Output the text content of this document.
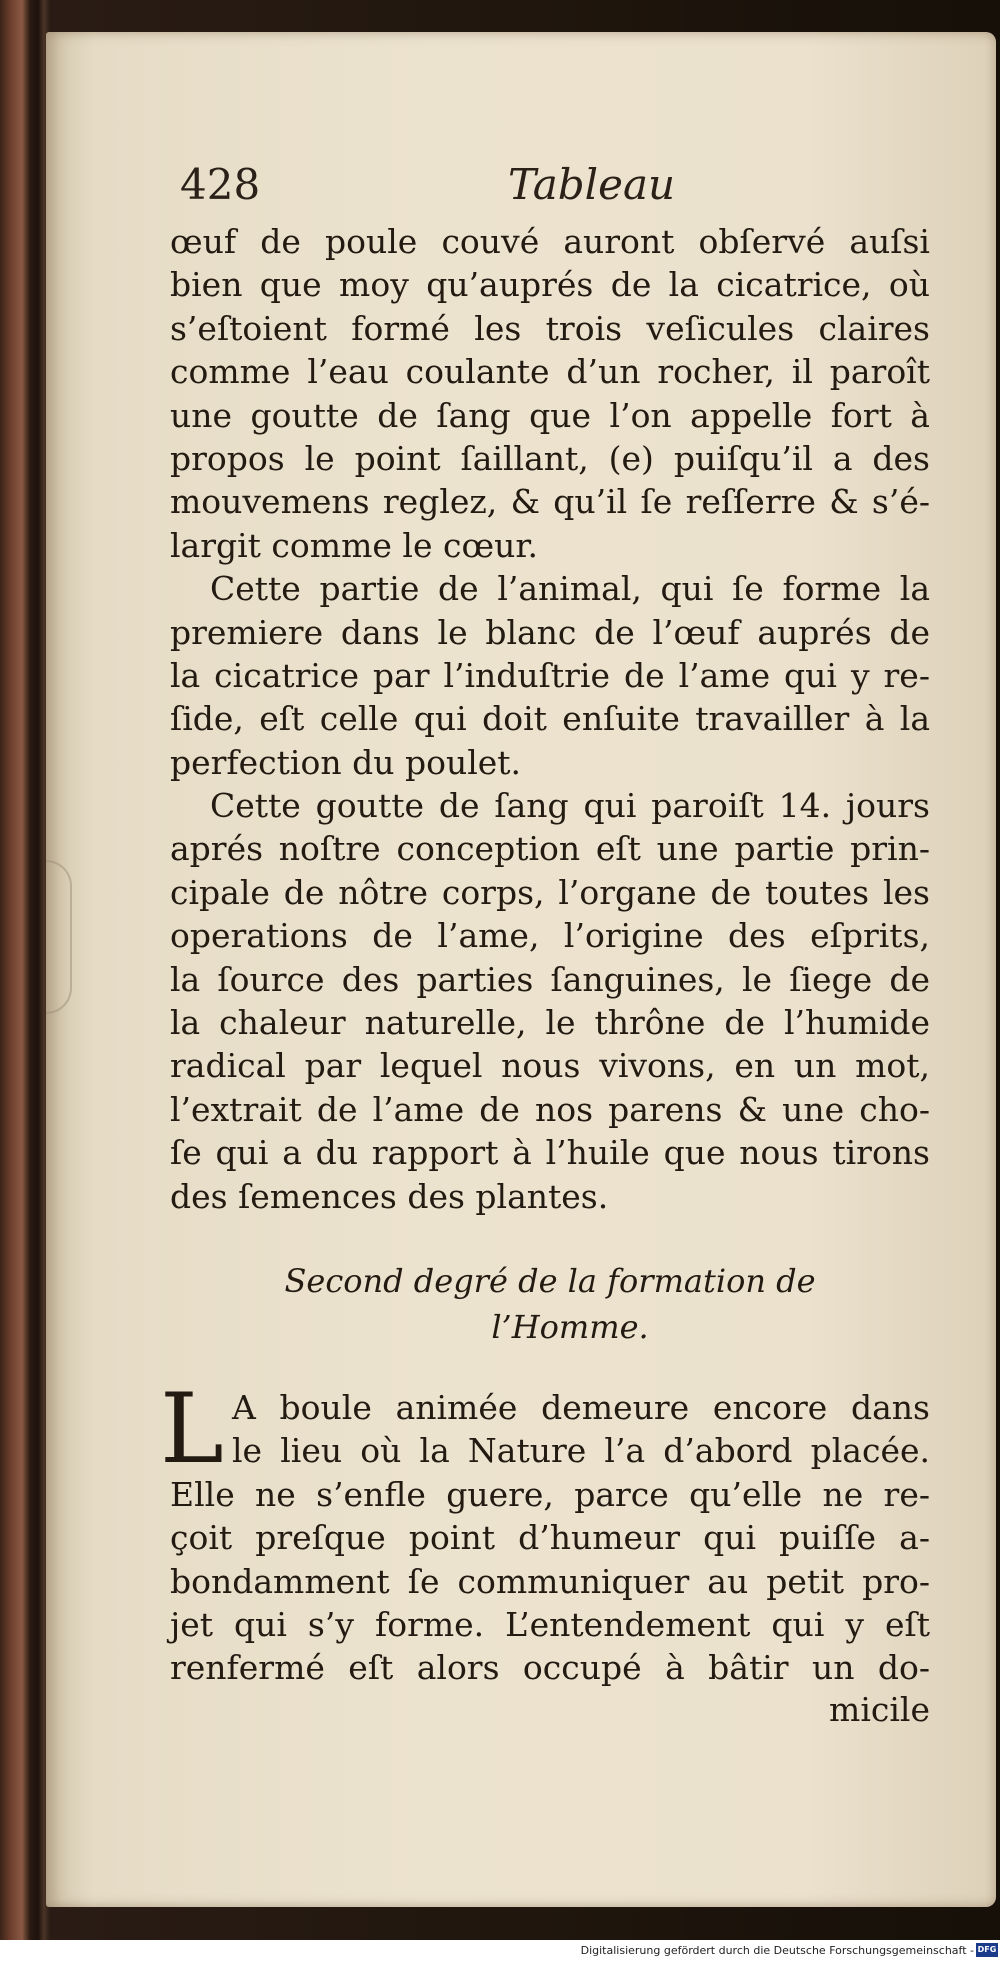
428	Tableau
œuf de poule couvé auront obſervé auſsi
bien que moy qu’auprés de la cicatrice, où
s’eſtoient formé les trois veſicules claires
comme l’eau coulante d’un rocher, il paroît
une goutte de ſang que l’on appelle fort à
propos le point ſaillant, (e) puiſqu’il a des
mouvemens reglez, & qu’il ſe reſſerre & s’é-
largit comme le cœur.
Cette partie de l’animal, qui ſe forme la
premiere dans le blanc de l’œuf auprés de
la cicatrice par l’induſtrie de l’ame qui y re-
ſide, eſt celle qui doit enſuite travailler à la
perfection du poulet.
Cette goutte de ſang qui paroiſt 14. jours
aprés noſtre conception eſt une partie prin-
cipale de nôtre corps, l’organe de toutes les
operations de l’ame, l’origine des eſprits,
la ſource des parties ſanguines, le ſiege de
la chaleur naturelle, le thrône de l’humide
radical par lequel nous vivons, en un mot,
l’extrait de l’ame de nos parens & une cho-
ſe qui a du rapport à l’huile que nous tirons
des ſemences des plantes.
Second degré de la formation de
l’Homme.
L A boule animée demeure encore dans
le lieu où la Nature l’a d’abord placée.
Elle ne s’enfle guere, parce qu’elle ne re-
çoit preſque point d’humeur qui puiſſe a-
bondamment ſe communiquer au petit pro-
jet qui s’y forme. L’entendement qui y eſt
renfermé eſt alors occupé à bâtir un do-
micile
Digitalisierung gefördert durch die Deutsche Forschungsgemeinschaft - DFG
